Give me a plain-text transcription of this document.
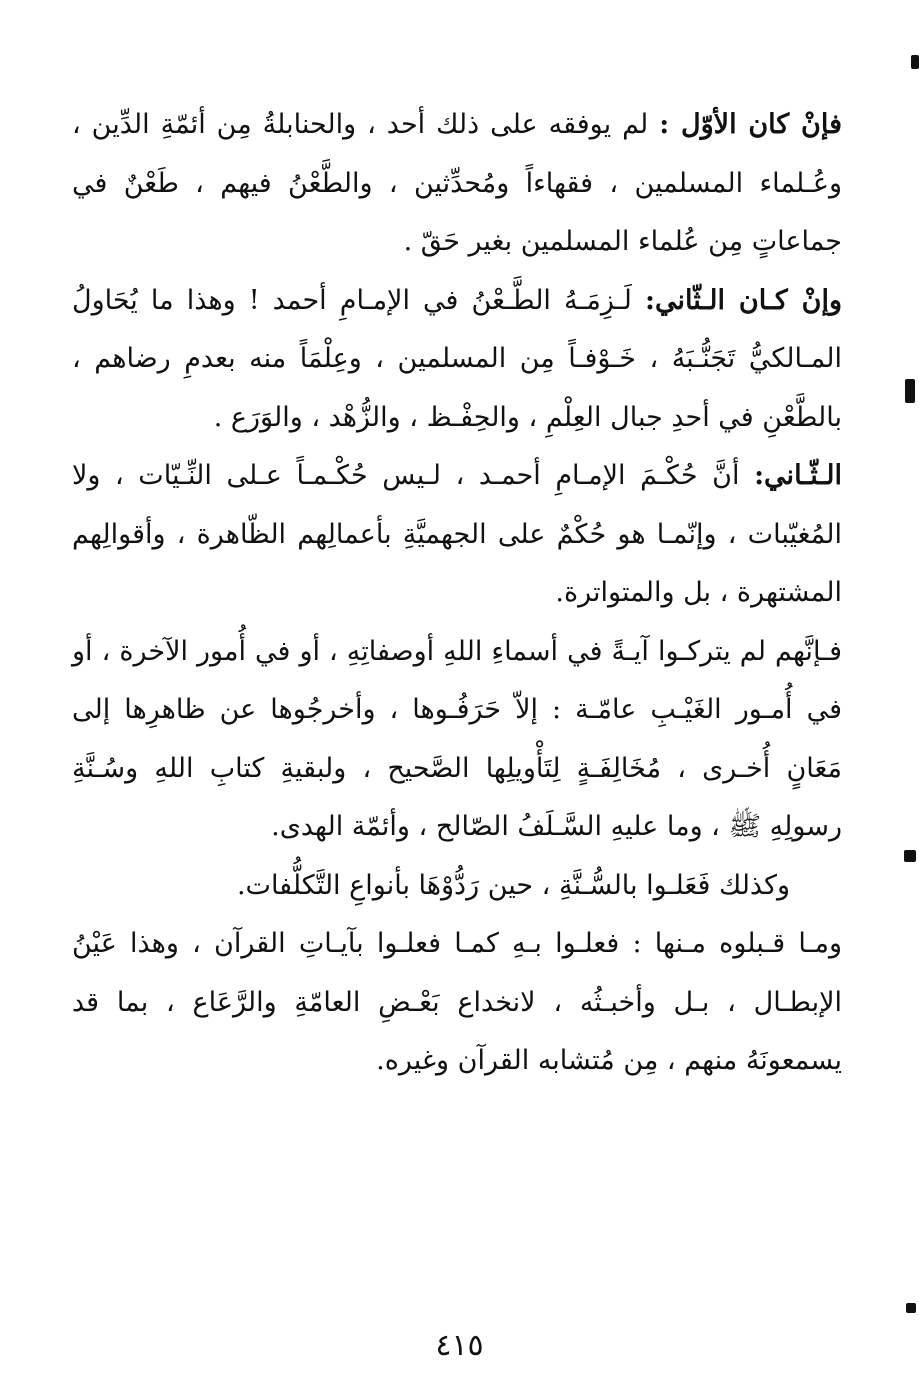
فإنْ كان الأوّل : لم يوفقه على ذلك أحد ، والحنابلةُ مِن أئمّةِ الدِّين ، وعُـلماء المسلمين ، فقهاءاً ومُحدِّثين ، والطَّعْنُ فيهم ، طَعْنٌ في جماعاتٍ مِن عُلماء المسلمين بغير حَقّ .

وإنْ كـان الـثّاني: لَـزِمَـهُ الطَّـعْنُ في الإمـامِ أحمد ! وهذا ما يُحَاولُ المـالكيُّ تَجَنُّـبَهُ ، خَـوْفـاً مِن المسلمين ، وعِلْمَاً منه بعدمِ رضاهم ، بالطَّعْنِ في أحدِ جبال العِلْمِ ، والحِفْـظ ، والزُّهْد ، والوَرَع .

الـثّـاني: أنَّ حُكْـمَ الإمـامِ أحمـد ، لـيس حُكْـمـاً عـلى النِّـيّات ، ولا المُغيّبات ، وإنّمـا هو حُكْمٌ على الجهميَّةِ بأعمالِهم الظّاهرة ، وأقوالِهم المشتهرة ، بل والمتواترة.

فـإنَّهم لم يتركـوا آيـةً في أسماءِ اللهِ أوصفاتِهِ ، أو في أُمور الآخرة ، أو في أُمـور الغَيْـبِ عامّـة : إلاّ حَرَفُـوها ، وأخرجُوها عن ظاهرِها إلى مَعَانٍ أُخـرى ، مُخَالِفَـةٍ لِتَأْويلِها الصَّحيح ، ولبقيةِ كتابِ اللهِ وسُـنَّةِ رسولِهِ ﷺ ، وما عليهِ السَّـلَفُ الصّالح ، وأئمّة الهدى.

وكذلك فَعَلـوا بالسُّـنَّةِ ، حين رَدُّوْهَا بأنواعِ التَّكلُّفات.

ومـا قـبلوه مـنها : فعلـوا بـهِ كمـا فعلـوا بآيـاتِ القرآن ، وهذا عَيْنُ الإبطـال ، بـل وأخبـثُه ، لانخداع بَعْـضِ العامّةِ والرَّعَاع ، بما قد يسمعونَهُ منهم ، مِن مُتشابه القرآن وغيره.

٤١٥
